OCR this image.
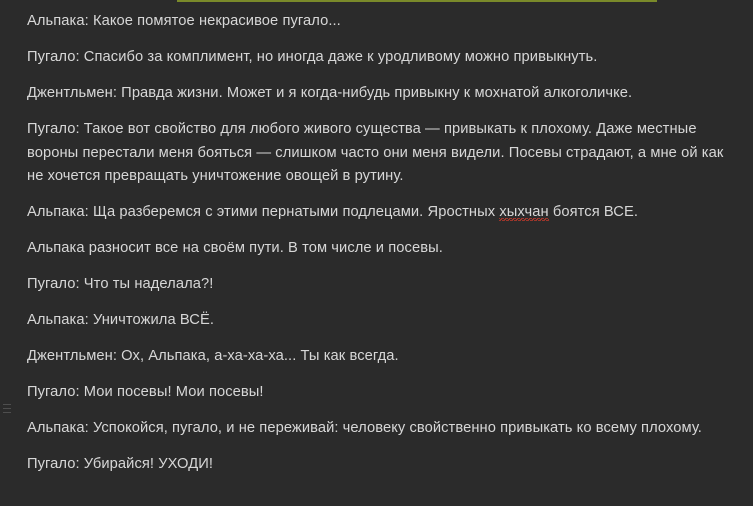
Альпака: Какое помятое некрасивое пугало...

Пугало: Спасибо за комплимент, но иногда даже к уродливому можно привыкнуть.

Джентльмен: Правда жизни. Может и я когда-нибудь привыкну к мохнатой алкоголичке.

Пугало: Такое вот свойство для любого живого существа — привыкать к плохому. Даже местные вороны перестали меня бояться — слишком часто они меня видели. Посевы страдают, а мне ой как не хочется превращать уничтожение овощей в рутину.

Альпака: Ща разберемся с этими пернатыми подлецами. Яростных хыхчан боятся ВСЕ.

Альпака разносит все на своём пути. В том числе и посевы.

Пугало: Что ты наделала?!

Альпака: Уничтожила ВСЁ.

Джентльмен: Ох, Альпака, а-ха-ха-ха... Ты как всегда.

Пугало: Мои посевы! Мои посевы!

Альпака: Успокойся, пугало, и не переживай: человеку свойственно привыкать ко всему плохому.

Пугало: Убирайся! УХОДИ!
